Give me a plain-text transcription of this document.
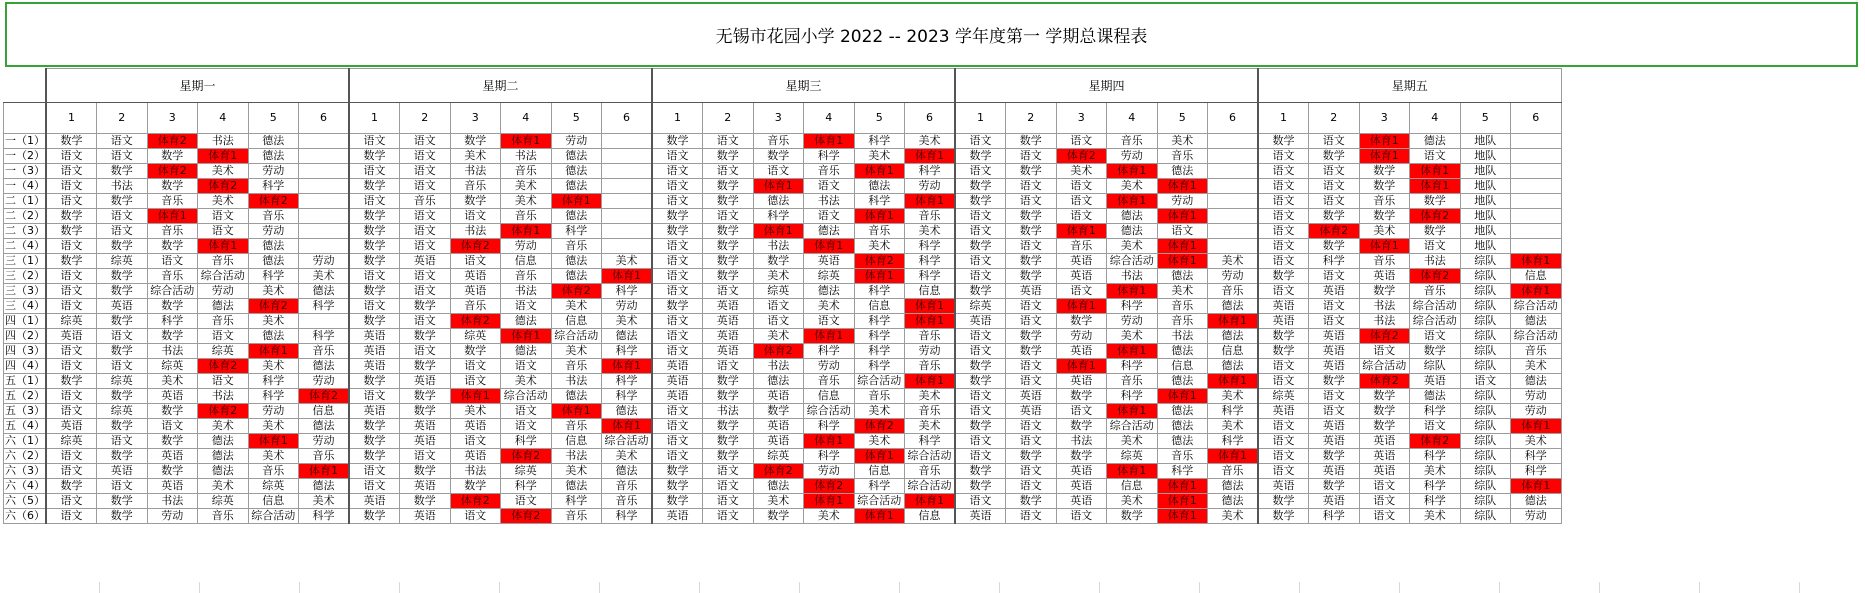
无锡市花园小学 2022 -- 2023 学年度第一 学期总课程表
	星期一						星期二						星期三						星期四						星期五					
	1	2	3	4	5	6	1	2	3	4	5	6	1	2	3	4	5	6	1	2	3	4	5	6	1	2	3	4	5	6
一（1）	数学	语文	体育2	书法	德法		语文	语文	数学	体育1	劳动		数学	语文	音乐	体育1	科学	美术	语文	数学	语文	音乐	美术		数学	语文	体育1	德法	地队	
一（2）	语文	语文	数学	体育1	德法		数学	语文	美术	书法	德法		语文	数学	数学	科学	美术	体育1	数学	语文	体育2	劳动	音乐		语文	数学	体育1	语文	地队	
一（3）	语文	数学	体育2	美术	劳动		语文	语文	书法	音乐	德法		语文	语文	语文	音乐	体育1	科学	语文	数学	美术	体育1	德法		语文	语文	数学	体育1	地队	
一（4）	语文	书法	数学	体育2	科学		数学	语文	音乐	美术	德法		语文	数学	体育1	语文	德法	劳动	数学	语文	语文	美术	体育1		语文	语文	数学	体育1	地队	
二（1）	语文	数学	音乐	美术	体育2		语文	音乐	数学	美术	体育1		语文	数学	德法	书法	科学	体育1	数学	语文	语文	体育1	劳动		语文	语文	音乐	数学	地队	
二（2）	数学	语文	体育1	语文	音乐		数学	语文	语文	音乐	德法		数学	语文	科学	语文	体育1	音乐	语文	数学	语文	德法	体育1		语文	数学	数学	体育2	地队	
二（3）	数学	语文	音乐	语文	劳动		数学	语文	书法	体育1	科学		数学	数学	体育1	德法	音乐	美术	语文	数学	体育1	德法	语文		语文	体育2	美术	数学	地队	
二（4）	语文	数学	数学	体育1	德法		数学	语文	体育2	劳动	音乐		语文	数学	书法	体育1	美术	科学	数学	语文	音乐	美术	体育1		语文	数学	体育1	语文	地队	
三（1）	数学	综英	语文	音乐	德法	劳动	数学	英语	语文	信息	德法	美术	语文	数学	数学	英语	体育2	科学	语文	数学	英语	综合活动	体育1	美术	语文	科学	音乐	书法	综队	体育1
三（2）	语文	数学	音乐	综合活动	科学	美术	语文	语文	英语	音乐	德法	体育1	语文	数学	美术	综英	体育1	科学	语文	数学	英语	书法	德法	劳动	数学	语文	英语	体育2	综队	信息
三（3）	语文	数学	综合活动	劳动	美术	德法	数学	语文	英语	书法	体育2	科学	语文	语文	综英	德法	科学	信息	数学	英语	语文	体育1	美术	音乐	语文	英语	数学	音乐	综队	体育1
三（4）	语文	英语	数学	德法	体育2	科学	语文	数学	音乐	语文	美术	劳动	数学	英语	语文	美术	信息	体育1	综英	语文	体育1	科学	音乐	德法	英语	语文	书法	综合活动	综队	综合活动
四（1）	综英	数学	科学	音乐	美术		数学	语文	体育2	德法	信息	美术	语文	英语	语文	语文	科学	体育1	英语	语文	数学	劳动	音乐	体育1	英语	语文	书法	综合活动	综队	德法
四（2）	英语	语文	数学	语文	德法	科学	英语	数学	综英	体育1	综合活动	德法	语文	英语	美术	体育1	科学	音乐	语文	数学	劳动	美术	书法	德法	数学	英语	体育2	语文	综队	综合活动
四（3）	语文	数学	书法	综英	体育1	音乐	英语	语文	数学	德法	美术	科学	语文	英语	体育2	科学	科学	劳动	语文	数学	英语	体育1	德法	信息	数学	英语	语文	数学	综队	音乐
四（4）	语文	语文	综英	体育2	美术	德法	英语	数学	语文	语文	音乐	体育1	英语	语文	书法	劳动	科学	音乐	数学	语文	体育1	科学	信息	德法	语文	英语	综合活动	综队	综队	美术
五（1）	数学	综英	美术	语文	科学	劳动	数学	英语	语文	美术	书法	科学	英语	数学	德法	音乐	综合活动	体育1	数学	语文	英语	音乐	德法	体育1	语文	数学	体育2	英语	语文	德法
五（2）	语文	数学	英语	书法	科学	体育2	语文	数学	体育1	综合活动	德法	科学	英语	数学	英语	信息	音乐	美术	语文	英语	数学	科学	体育1	美术	综英	语文	数学	德法	综队	劳动
五（3）	语文	综英	数学	体育2	劳动	信息	英语	数学	美术	语文	体育1	德法	语文	书法	数学	综合活动	美术	音乐	语文	英语	语文	体育1	德法	科学	英语	语文	数学	科学	综队	劳动
五（4）	英语	数学	语文	美术	美术	德法	数学	英语	英语	语文	音乐	体育1	语文	数学	英语	科学	体育2	美术	数学	语文	数学	综合活动	德法	美术	语文	英语	数学	语文	综队	体育1
六（1）	综英	语文	数学	德法	体育1	劳动	数学	英语	语文	科学	信息	综合活动	语文	数学	英语	体育1	美术	科学	语文	语文	书法	美术	德法	科学	语文	英语	英语	体育2	综队	美术
六（2）	语文	数学	英语	德法	美术	音乐	数学	语文	英语	体育2	书法	美术	语文	数学	综英	科学	体育1	综合活动	语文	数学	数学	综英	音乐	体育1	语文	数学	英语	科学	综队	科学
六（3）	语文	英语	数学	德法	音乐	体育1	语文	数学	书法	综英	美术	德法	数学	语文	体育2	劳动	信息	音乐	数学	语文	英语	体育1	科学	音乐	语文	英语	英语	美术	综队	科学
六（4）	数学	语文	英语	美术	综英	德法	语文	英语	数学	科学	德法	音乐	数学	语文	德法	体育2	科学	综合活动	数学	语文	英语	信息	体育1	德法	英语	数学	语文	科学	综队	体育1
六（5）	语文	数学	书法	综英	信息	美术	英语	数学	体育2	语文	科学	音乐	数学	语文	美术	体育1	综合活动	体育1	语文	数学	英语	美术	体育1	德法	数学	英语	语文	科学	综队	德法
六（6）	语文	数学	劳动	音乐	综合活动	科学	数学	英语	语文	体育2	音乐	科学	英语	语文	数学	美术	体育1	信息	英语	语文	语文	数学	体育1	美术	数学	科学	语文	美术	综队	劳动
